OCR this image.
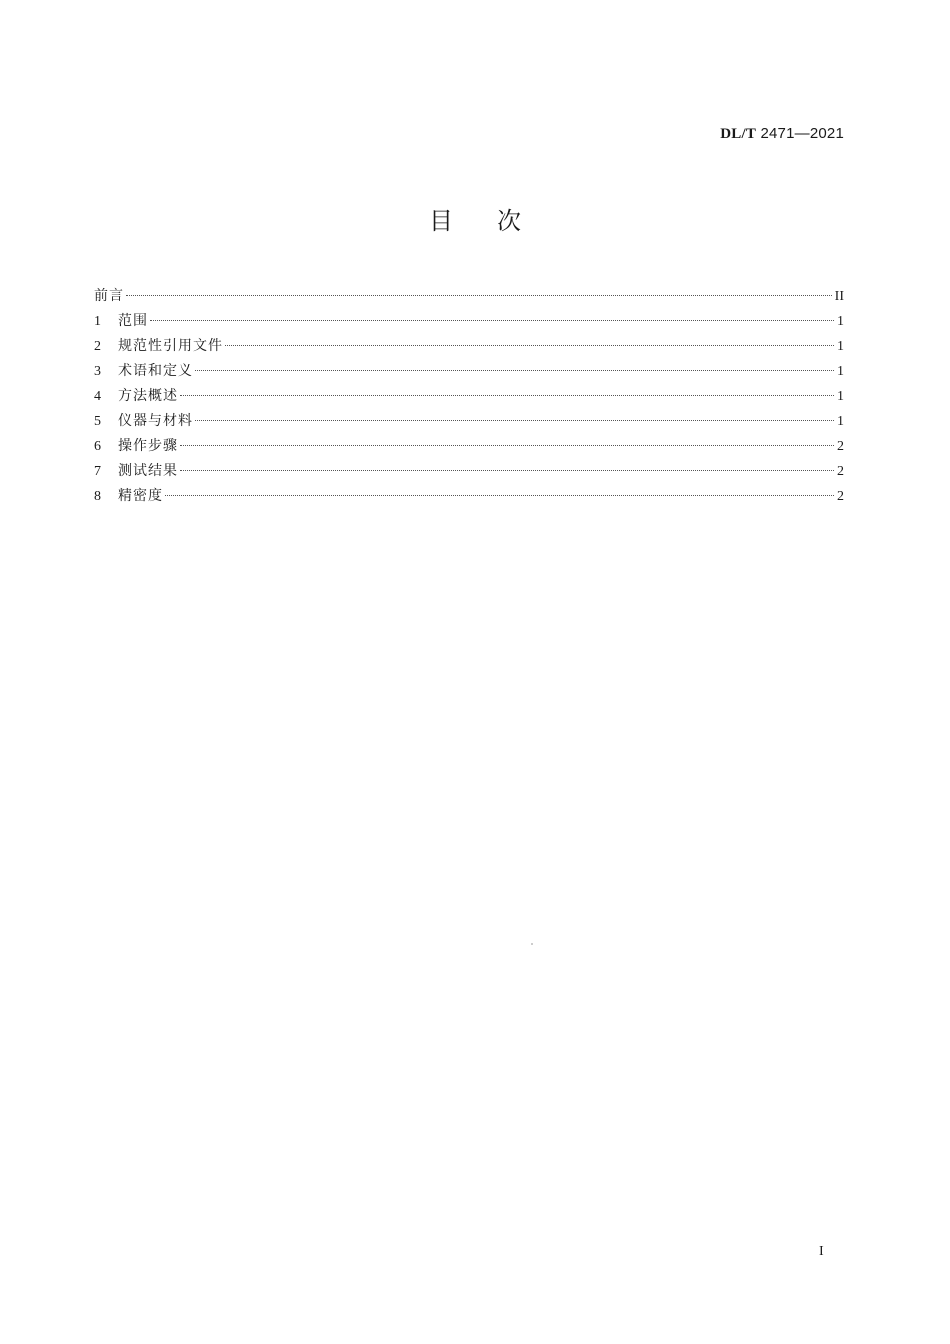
DL/T 2471—2021
目次
前言	II
1	范围	1
2	规范性引用文件	1
3	术语和定义	1
4	方法概述	1
5	仪器与材料	1
6	操作步骤	2
7	测试结果	2
8	精密度	2
I
